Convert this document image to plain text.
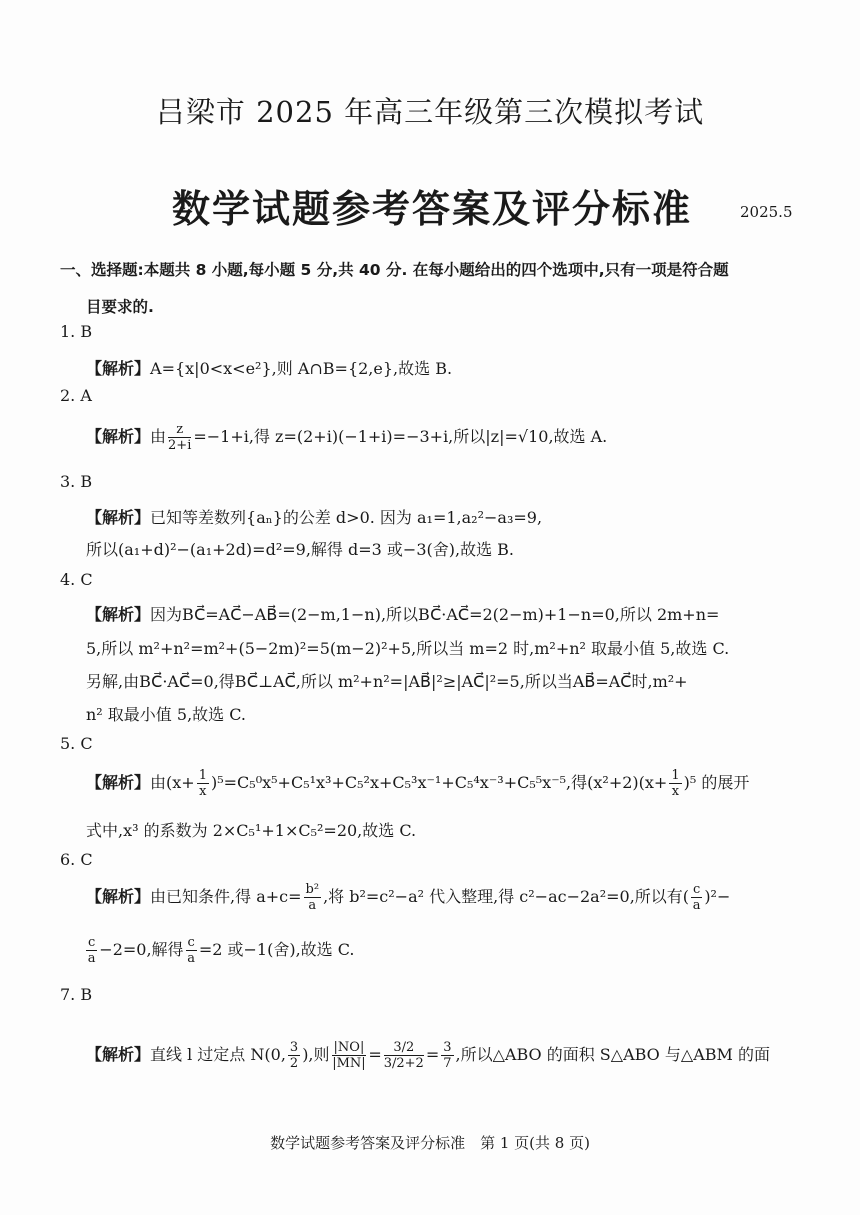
吕梁市 2025 年高三年级第三次模拟考试
数学试题参考答案及评分标准	2025.5
一、选择题:本题共 8 小题,每小题 5 分,共 40 分. 在每小题给出的四个选项中,只有一项是符合题
目要求的.
1. B
【解析】A={x|0<x<e²},则 A∩B={2,e},故选 B.
2. A
【解析】由 $\frac{z}{2+i} =-1+i$,得 z=(2+i)(−1+i)=−3+i,所以|z|=√10,故选 A.
3. B
【解析】已知等差数列{aₙ}的公差 d>0. 因为 a₁=1,a₂²−a₃=9,
所以(a₁+d)²−(a₁+2d)=d²=9,解得 d=3 或−3(舍),故选 B.
4. C
【解析】因为BC⃗=AC⃗−AB⃗=(2−m,1−n),所以BC⃗·AC⃗=2(2−m)+1−n=0,所以 2m+n=
5,所以 m²+n²=m²+(5−2m)²=5(m−2)²+5,所以当 m=2 时,m²+n² 取最小值 5,故选 C.
另解,由BC⃗·AC⃗=0,得BC⃗⊥AC⃗,所以 m²+n²=|AB⃗|²≥|AC⃗|²=5,所以当AB⃗=AC⃗时,m²+
n² 取最小值 5,故选 C.
5. C
【解析】由$(x+ \frac{1}{x} )^5=C_5^0x^5+C_5^1x^3+C_5^2x+C_5^3x^{-1}+C_5^4x^{-3}+C_5^5x^{-5}$,得$(x^2+2)(x+ \frac{1}{x} )^5$ 的展开
式中,x³ 的系数为 2×C₅¹+1×C₅²=20,故选 C.
6. C
【解析】由已知条件,得 $a+c= \frac{\text{b²}}{a}$ ,将 b²=c²−a² 代入整理,得 c²−ac−2a²=0,所以有( $\frac{c}{a} )^2-$
$\frac{c}{a} -2=0$,解得 $\frac{c}{a} =2$ 或−1(舍),故选 C.
7. B
【解析】直线 l 过定点 N(0, $\frac{3}{2}$ ),则 $\frac{|NO|}{|MN|} = \frac{3/2}{3/2+2} = \frac{3}{7}$ ,所以△ABO 的面积 S△ABO 与△ABM 的面
数学试题参考答案及评分标准　第 1 页(共 8 页)
